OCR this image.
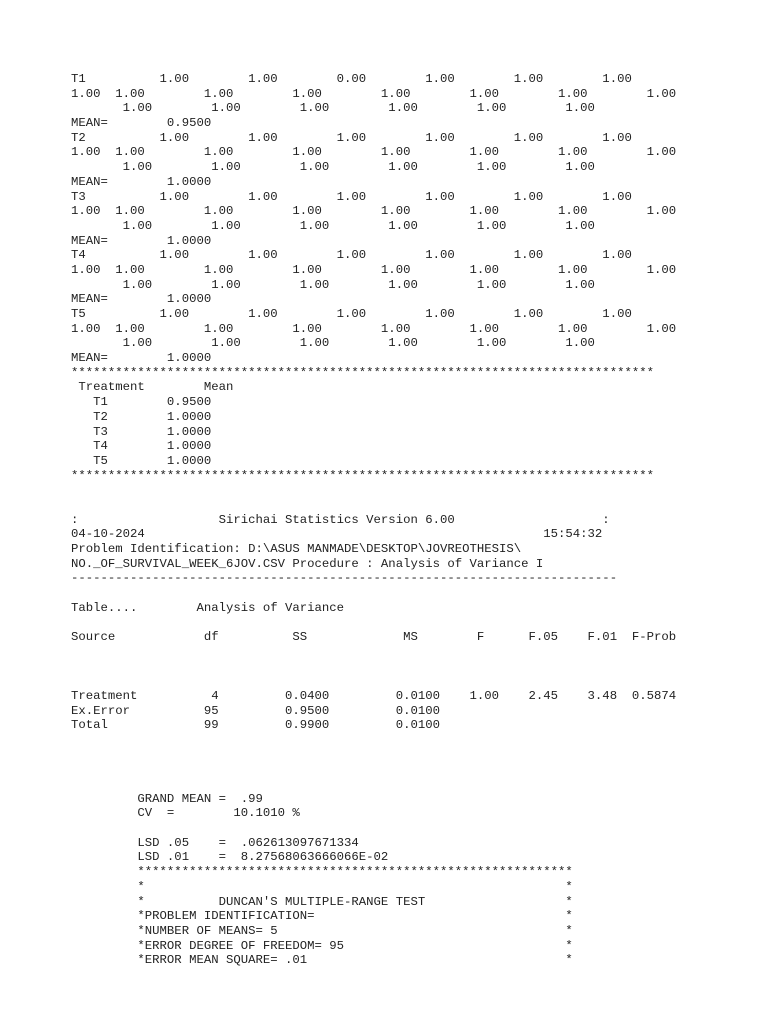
T1          1.00        1.00        0.00        1.00        1.00        1.00
1.00  1.00        1.00        1.00        1.00        1.00        1.00        1.00
1.00        1.00        1.00        1.00        1.00        1.00
MEAN=        0.9500
T2          1.00        1.00        1.00        1.00        1.00        1.00
1.00  1.00        1.00        1.00        1.00        1.00        1.00        1.00
1.00        1.00        1.00        1.00        1.00        1.00
MEAN=        1.0000
T3          1.00        1.00        1.00        1.00        1.00        1.00
1.00  1.00        1.00        1.00        1.00        1.00        1.00        1.00
1.00        1.00        1.00        1.00        1.00        1.00
MEAN=        1.0000
T4          1.00        1.00        1.00        1.00        1.00        1.00
1.00  1.00        1.00        1.00        1.00        1.00        1.00        1.00
1.00        1.00        1.00        1.00        1.00        1.00
MEAN=        1.0000
T5          1.00        1.00        1.00        1.00        1.00        1.00
1.00  1.00        1.00        1.00        1.00        1.00        1.00        1.00
1.00        1.00        1.00        1.00        1.00        1.00
MEAN=        1.0000
*******************************************************************************
Treatment        Mean
T1        0.9500
T2        1.0000
T3        1.0000
T4        1.0000
T5        1.0000
*******************************************************************************
:                   Sirichai Statistics Version 6.00                    :
04-10-2024                                                      15:54:32
Problem Identification: D:\ASUS MANMADE\DESKTOP\JOVREOTHESIS\
NO._OF_SURVIVAL_WEEK_6JOV.CSV Procedure : Analysis of Variance I
--------------------------------------------------------------------------
Table....        Analysis of Variance
Source            df          SS             MS        F      F.05    F.01  F-Prob
Treatment          4         0.0400         0.0100    1.00    2.45    3.48  0.5874
Ex.Error          95         0.9500         0.0100
Total             99         0.9900         0.0100
GRAND MEAN =  .99
CV  =        10.1010 %
LSD .05    =  .062613097671334
LSD .01    =  8.27568063666066E-02
***********************************************************
*                                                         *
*          DUNCAN'S MULTIPLE-RANGE TEST                   *
*PROBLEM IDENTIFICATION=                                  *
*NUMBER OF MEANS= 5                                       *
*ERROR DEGREE OF FREEDOM= 95                              *
*ERROR MEAN SQUARE= .01                                   *
